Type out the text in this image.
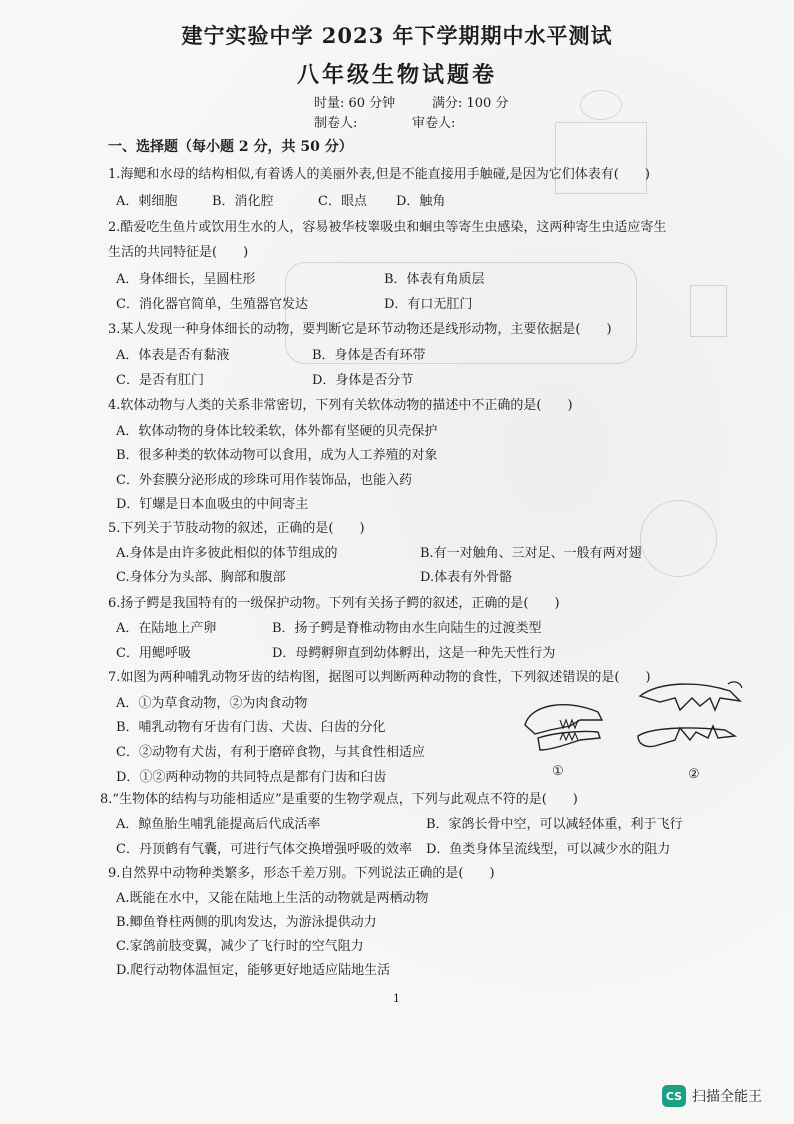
建宁实验中学 2023 年下学期期中水平测试
八年级生物试题卷
时量: 60 分钟	满分: 100 分
制卷人:	审卷人:
一、选择题（每小题 2 分，共 50 分）
1.海鳃和水母的结构相似,有着诱人的美丽外表,但是不能直接用手触碰,是因为它们体表有(　　)
A．刺细胞	B．消化腔	C．眼点 D．触角
2.酷爱吃生鱼片或饮用生水的人，容易被华枝睾吸虫和蛔虫等寄生虫感染，这两种寄生虫适应寄生
生活的共同特征是(　　)
A．身体细长，呈圆柱形	B．体表有角质层
C．消化器官简单，生殖器官发达	D．有口无肛门
3.某人发现一种身体细长的动物，要判断它是环节动物还是线形动物，主要依据是(　　)
A．体表是否有黏液	B．身体是否有环带
C．是否有肛门	D．身体是否分节
4.软体动物与人类的关系非常密切，下列有关软体动物的描述中不正确的是(　　)
A．软体动物的身体比较柔软，体外都有坚硬的贝壳保护
B．很多种类的软体动物可以食用，成为人工养殖的对象
C．外套膜分泌形成的珍珠可用作装饰品，也能入药
D．钉螺是日本血吸虫的中间寄主
5.下列关于节肢动物的叙述，正确的是(　　)
A.身体是由许多彼此相似的体节组成的	B.有一对触角、三对足、一般有两对翅
C.身体分为头部、胸部和腹部	D.体表有外骨骼
6.扬子鳄是我国特有的一级保护动物。下列有关扬子鳄的叙述，正确的是(　　)
A．在陆地上产卵	B．扬子鳄是脊椎动物由水生向陆生的过渡类型
C．用鳃呼吸	D．母鳄孵卵直到幼体孵出，这是一种先天性行为
7.如图为两种哺乳动物牙齿的结构图，据图可以判断两种动物的食性，下列叙述错误的是(　　)
A．①为草食动物，②为肉食动物
B．哺乳动物有牙齿有门齿、犬齿、臼齿的分化
C．②动物有犬齿，有利于磨碎食物，与其食性相适应
D．①②两种动物的共同特点是都有门齿和臼齿	①	②
8.“生物体的结构与功能相适应”是重要的生物学观点，下列与此观点不符的是(　　)
A．鲸鱼胎生哺乳能提高后代成活率	B．家鸽长骨中空，可以减轻体重，利于飞行
C．丹顶鹤有气囊，可进行气体交换增强呼吸的效率 D．鱼类身体呈流线型，可以减少水的阻力
9.自然界中动物种类繁多，形态千差万别。下列说法正确的是(　　)
A.既能在水中，又能在陆地上生活的动物就是两栖动物
B.鲫鱼脊柱两侧的肌肉发达，为游泳提供动力
C.家鸽前肢变翼，减少了飞行时的空气阻力
D.爬行动物体温恒定，能够更好地适应陆地生活
1
CS 扫描全能王
